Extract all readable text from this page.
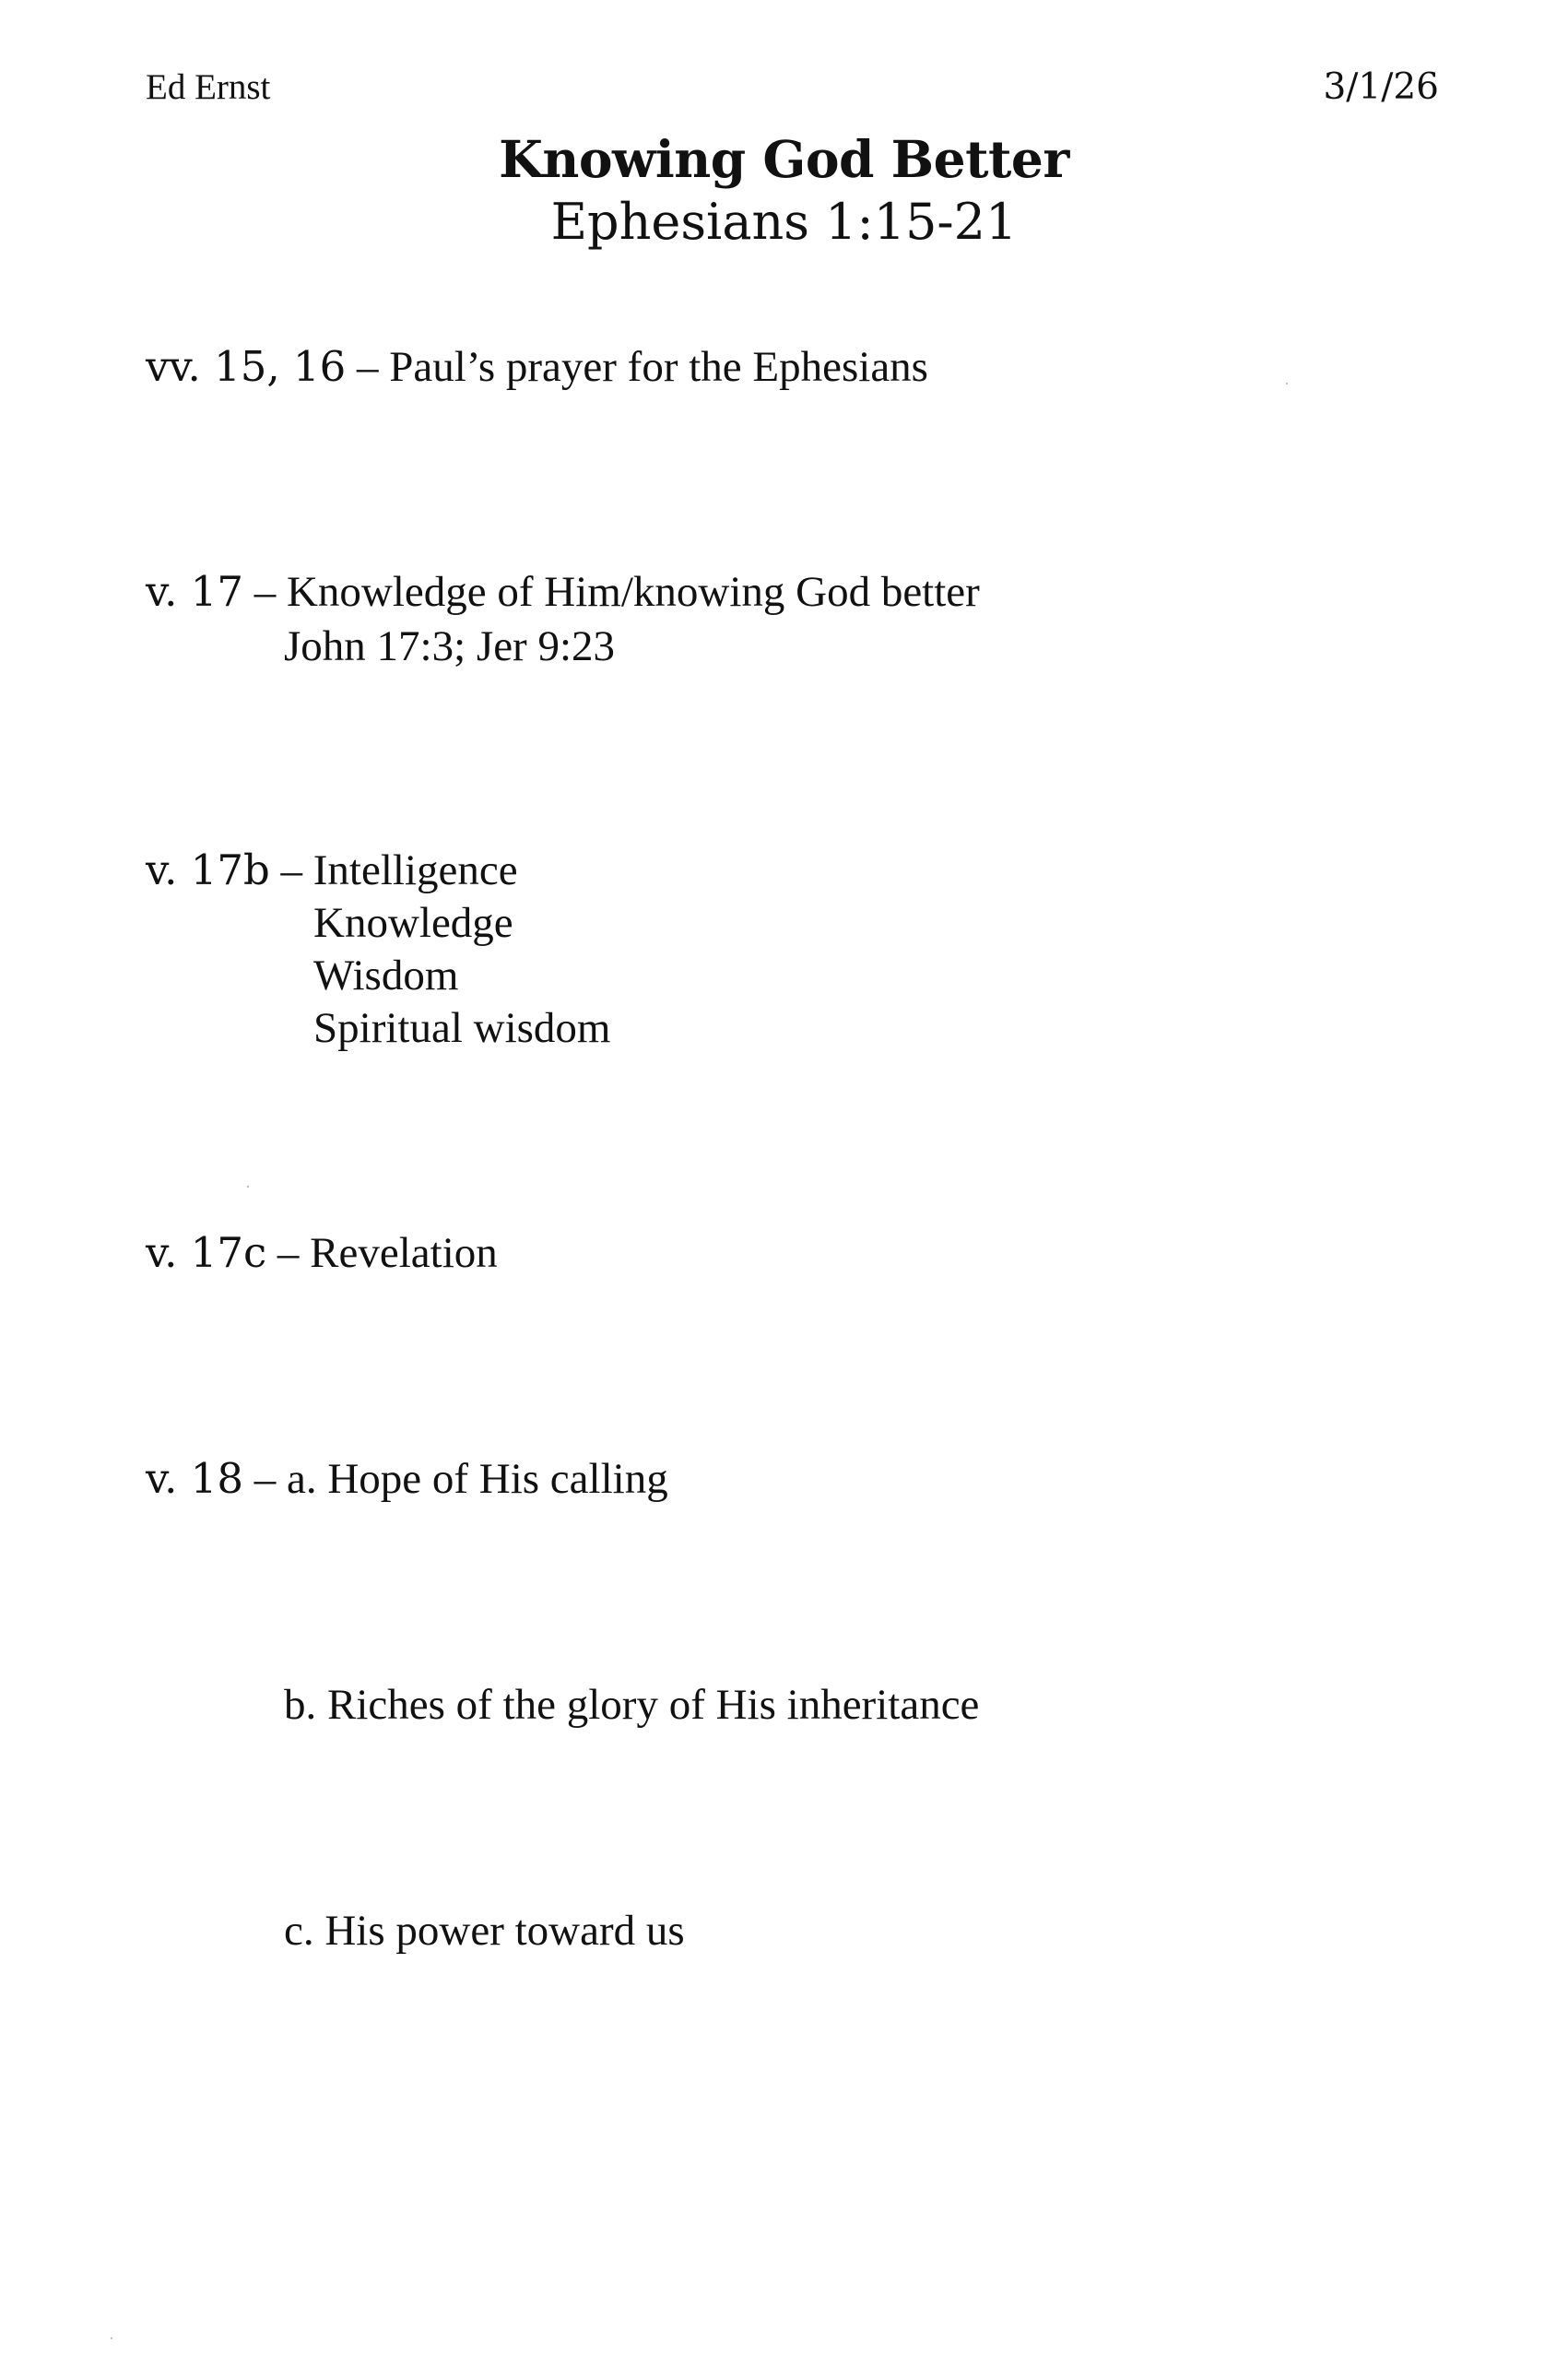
Ed Ernst	3/1/26
Knowing God Better
Ephesians 1:15-21
vv. 15, 16 – Paul’s prayer for the Ephesians
v. 17 – Knowledge of Him/knowing God better
John 17:3; Jer 9:23
v. 17b – Intelligence
Knowledge
Wisdom
Spiritual wisdom
v. 17c – Revelation
v. 18 – a. Hope of His calling
b. Riches of the glory of His inheritance
c. His power toward us
